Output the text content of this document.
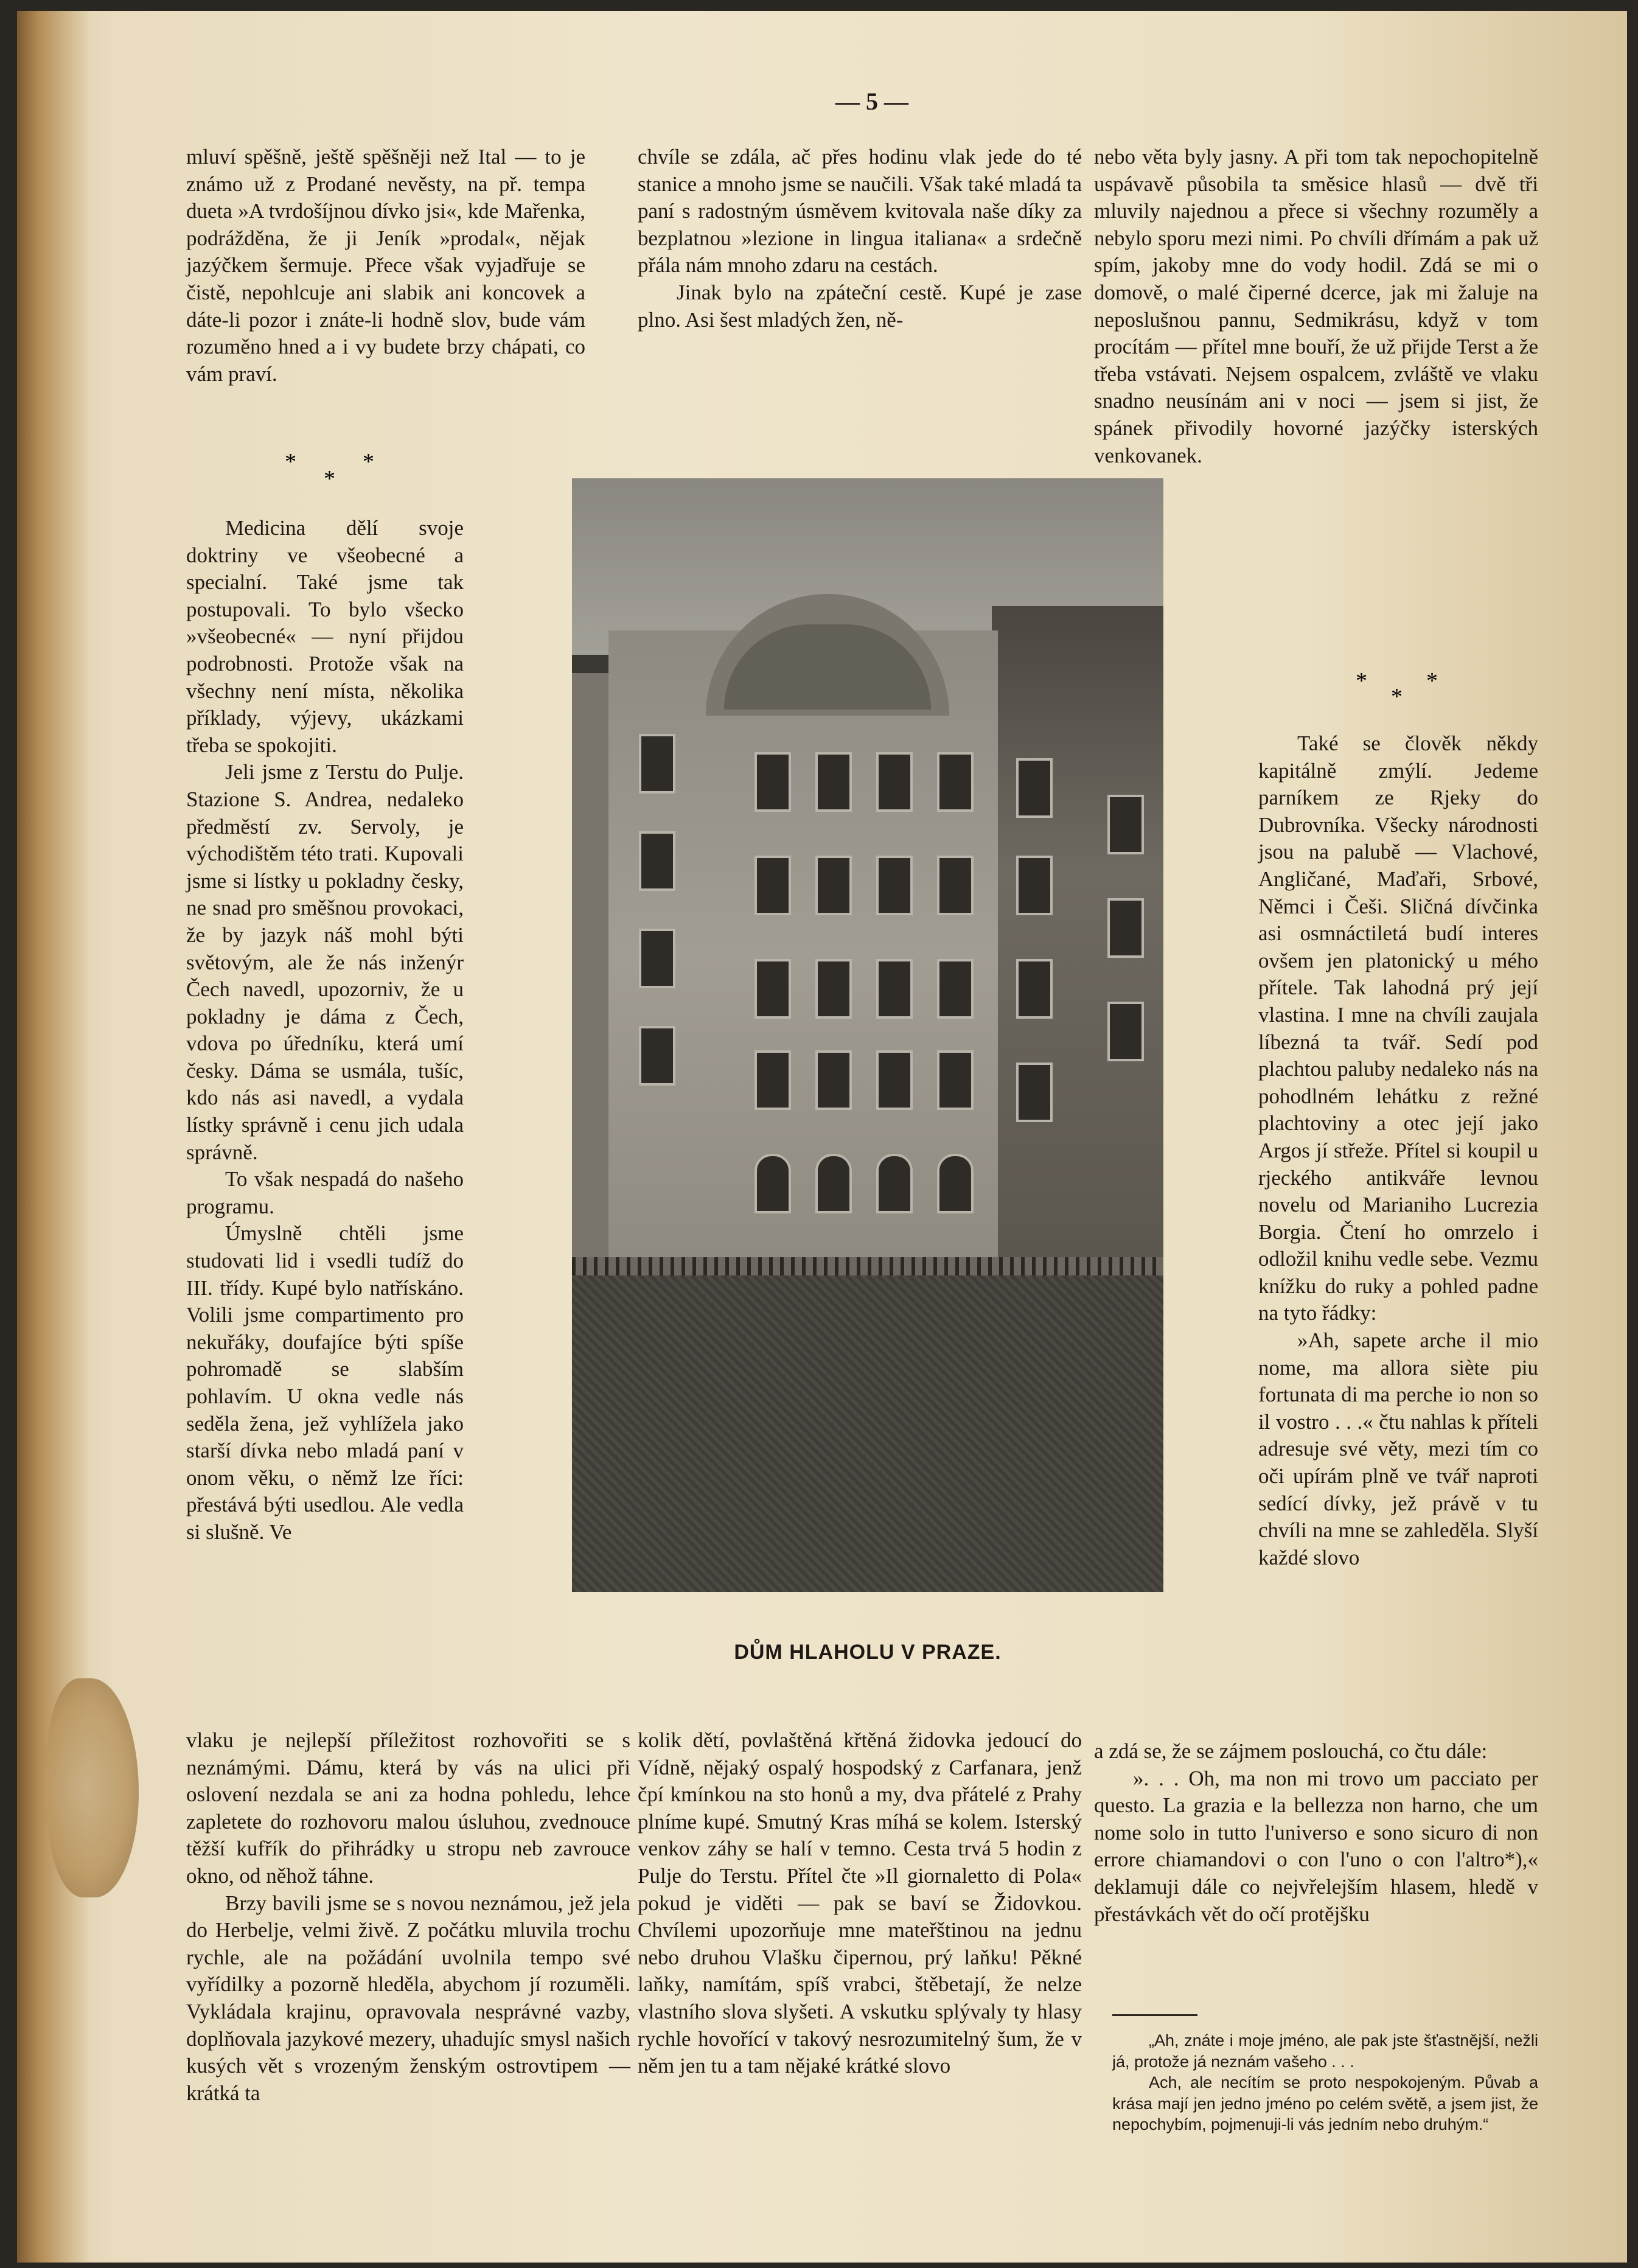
— 5 —

mluví spěšně, ještě spěšněji než Ital — to je známo už z Prodané nevěsty, na př. tempa dueta »A tvrdošíjnou dívko jsi«, kde Mařenka, podrážděna, že ji Jeník »prodal«, nějak jazýčkem šermuje. Přece však vyjadřuje se čistě, nepohlcuje ani slabik ani koncovek a dáte-li pozor i znáte-li hodně slov, bude vám rozuměno hned a i vy budete brzy chápati, co vám praví.

*
*
*

Medicina dělí svoje doktriny ve všeobecné a specialní. Také jsme tak postupovali. To bylo všecko »všeobecné« — nyní přijdou podrobnosti. Protože však na všechny není místa, několika příklady, výjevy, ukázkami třeba se spokojiti.

Jeli jsme z Terstu do Pulje. Stazione S. Andrea, nedaleko předměstí zv. Servoly, je východištěm této trati. Kupovali jsme si lístky u pokladny česky, ne snad pro směšnou provokaci, že by jazyk náš mohl býti světovým, ale že nás inženýr Čech navedl, upozorniv, že u pokladny je dáma z Čech, vdova po úředníku, která umí česky. Dáma se usmála, tušíc, kdo nás asi navedl, a vydala lístky správně i cenu jich udala správně.

To však nespadá do našeho programu.

Úmyslně chtěli jsme studovati lid i vsedli tudíž do III. třídy. Kupé bylo natřískáno. Volili jsme compartimento pro nekuřáky, doufajíce býti spíše pohromadě se slabším pohlavím. U okna vedle nás seděla žena, jež vyhlížela jako starší dívka nebo mladá paní v onom věku, o němž lze říci: přestává býti usedlou. Ale vedla si slušně. Ve

vlaku je nejlepší příležitost rozhovořiti se s neznámými. Dámu, která by vás na ulici při oslovení nezdala se ani za hodna pohledu, lehce zapletete do rozhovoru malou úsluhou, zvednouce těžší kufřík do přihrádky u stropu neb zavrouce okno, od něhož táhne.

Brzy bavili jsme se s novou neznámou, jež jela do Herbelje, velmi živě. Z počátku mluvila trochu rychle, ale na požádání uvolnila tempo své vyřídilky a pozorně hleděla, abychom jí rozuměli. Vykládala krajinu, opravovala nesprávné vazby, doplňovala jazykové mezery, uhadujíc smysl našich kusých vět s vrozeným ženským ostrovtipem — krátká ta

chvíle se zdála, ač přes hodinu vlak jede do té stanice a mnoho jsme se naučili. Však také mladá ta paní s radostným úsměvem kvitovala naše díky za bezplatnou »lezione in lingua italiana« a srdečně přála nám mnoho zdaru na cestách.

Jinak bylo na zpáteční cestě. Kupé je zase plno. Asi šest mladých žen, ně-

DŮM HLAHOLU V PRAZE.

kolik dětí, povlaštěná křtěná židovka jedoucí do Vídně, nějaký ospalý hospodský z Carfanara, jenž čpí kmínkou na sto honů a my, dva přátelé z Prahy plníme kupé. Smutný Kras míhá se kolem. Isterský venkov záhy se halí v temno. Cesta trvá 5 hodin z Pulje do Terstu. Přítel čte »Il giornaletto di Pola« pokud je viděti — pak se baví se Židovkou. Chvílemi upozorňuje mne mateřštinou na jednu nebo druhou Vlašku čipernou, prý laňku! Pěkné laňky, namítám, spíš vrabci, štěbetají, že nelze vlastního slova slyšeti. A vskutku splývaly ty hlasy rychle hovořící v takový nesrozumitelný šum, že v něm jen tu a tam nějaké krátké slovo

nebo věta byly jasny. A při tom tak nepochopitelně uspávavě působila ta směsice hlasů — dvě tři mluvily najednou a přece si všechny rozuměly a nebylo sporu mezi nimi. Po chvíli dřímám a pak už spím, jakoby mne do vody hodil. Zdá se mi o domově, o malé čiperné dcerce, jak mi žaluje na neposlušnou pannu, Sedmikrásu, když v tom procítám — přítel mne bouří, že už přijde Terst a že třeba vstávati. Nejsem ospalcem, zvláště ve vlaku snadno neusínám ani v noci — jsem si jist, že spánek přivodily hovorné jazýčky isterských venkovanek.

*
*
*

Také se člověk někdy kapitálně zmýlí. Jedeme parníkem ze Rjeky do Dubrovníka. Všecky národnosti jsou na palubě — Vlachové, Angličané, Maďaři, Srbové, Němci i Češi. Sličná dívčinka asi osmnáctiletá budí interes ovšem jen platonický u mého přítele. Tak lahodná prý její vlastina. I mne na chvíli zaujala líbezná ta tvář. Sedí pod plachtou paluby nedaleko nás na pohodlném lehátku z režné plachtoviny a otec její jako Argos jí střeže. Přítel si koupil u rjeckého antikváře levnou novelu od Marianiho Lucrezia Borgia. Čtení ho omrzelo i odložil knihu vedle sebe. Vezmu knížku do ruky a pohled padne na tyto řádky:

»Ah, sapete arche il mio nome, ma allora siète piu fortunata di ma perche io non so il vostro . . .« čtu nahlas k příteli adresuje své věty, mezi tím co oči upírám plně ve tvář naproti sedící dívky, jež právě v tu chvíli na mne se zahleděla. Slyší každé slovo

a zdá se, že se zájmem poslouchá, co čtu dále:

». . . Oh, ma non mi trovo um pacciato per questo. La grazia e la bellezza non harno, che um nome solo in tutto l'universo e sono sicuro di non errore chiamandovi o con l'uno o con l'altro*),« deklamuji dále co nejvřelejším hlasem, hledě v přestávkách vět do očí protějšku

„Ah, znáte i moje jméno, ale pak jste šťastnější, nežli já, protože já neznám vašeho . . .

Ach, ale necítím se proto nespokojeným. Půvab a krása mají jen jedno jméno po celém světě, a jsem jist, že nepochybím, pojmenuji-li vás jedním nebo druhým.“
